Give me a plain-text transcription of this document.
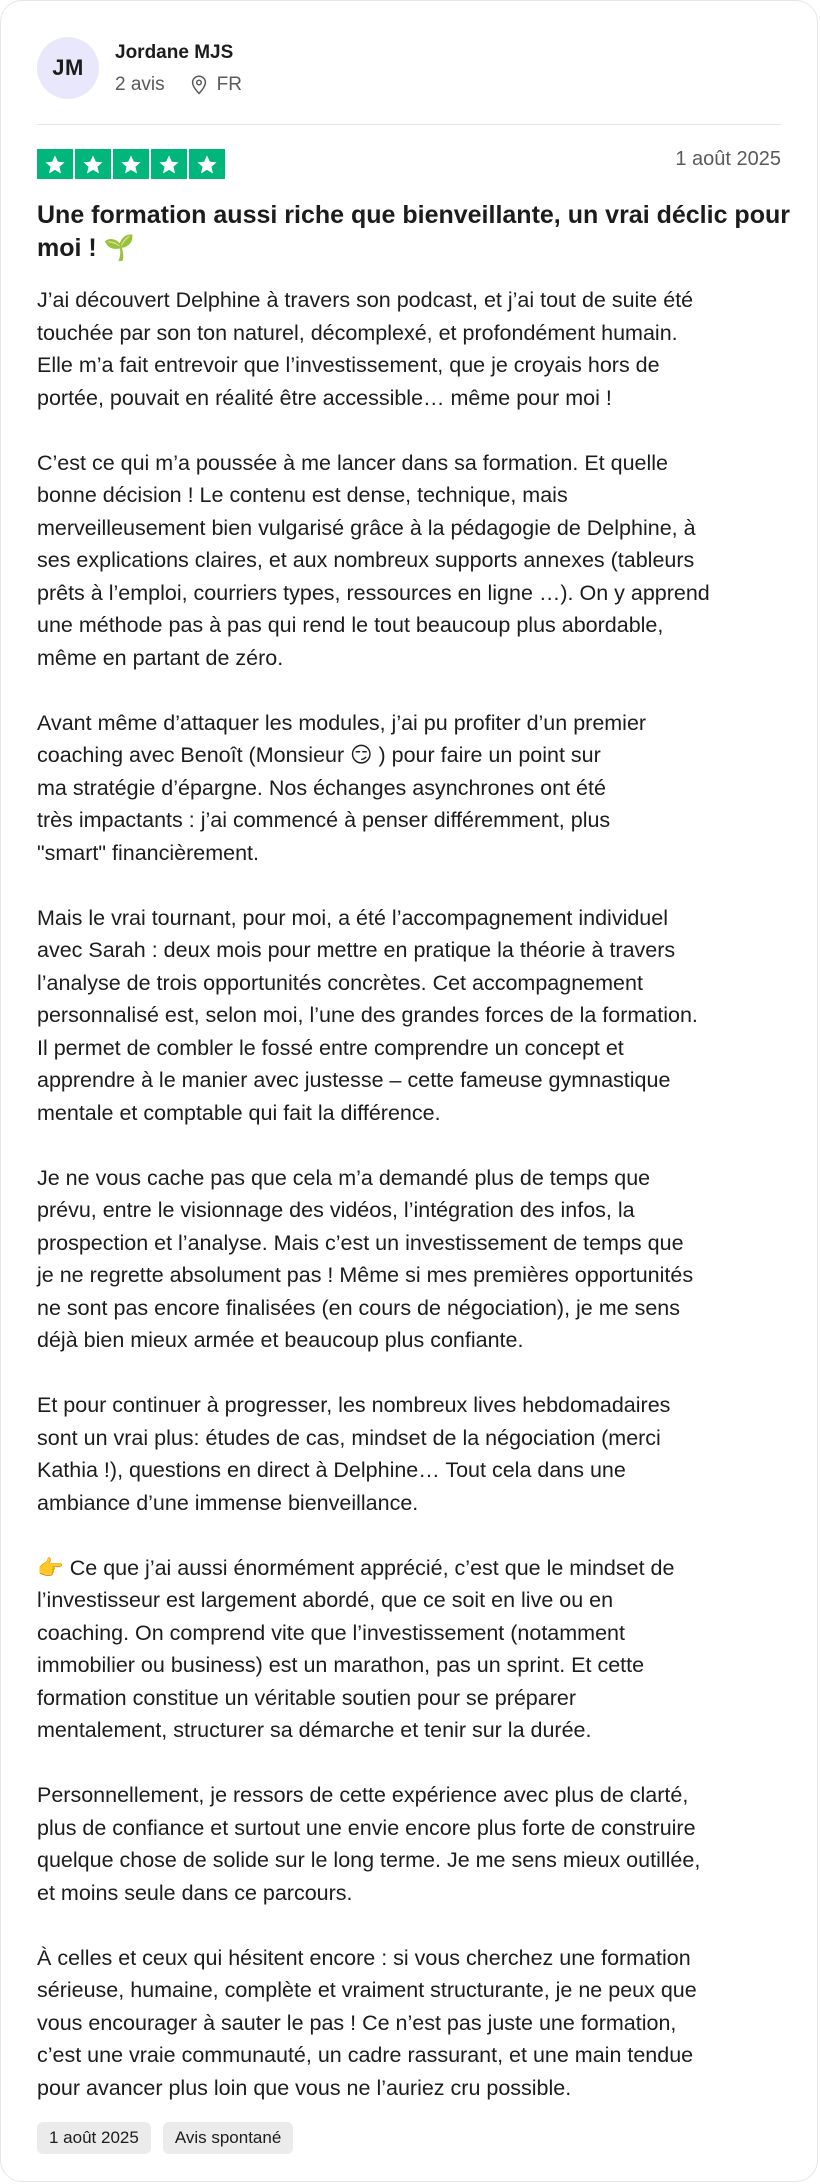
JM
Jordane MJS
2 avis	FR
1 août 2025
Une formation aussi riche que bienveillante, un vrai déclic pour moi ! 🌱

J’ai découvert Delphine à travers son podcast, et j’ai tout de suite été
touchée par son ton naturel, décomplexé, et profondément humain.
Elle m’a fait entrevoir que l’investissement, que je croyais hors de
portée, pouvait en réalité être accessible… même pour moi !

C’est ce qui m’a poussée à me lancer dans sa formation. Et quelle
bonne décision ! Le contenu est dense, technique, mais
merveilleusement bien vulgarisé grâce à la pédagogie de Delphine, à
ses explications claires, et aux nombreux supports annexes (tableurs
prêts à l’emploi, courriers types, ressources en ligne …). On y apprend
une méthode pas à pas qui rend le tout beaucoup plus abordable,
même en partant de zéro.

Avant même d’attaquer les modules, j’ai pu profiter d’un premier
coaching avec Benoît (Monsieur 😏 ) pour faire un point sur
ma stratégie d’épargne. Nos échanges asynchrones ont été
très impactants : j’ai commencé à penser différemment, plus
"smart" financièrement.

Mais le vrai tournant, pour moi, a été l’accompagnement individuel
avec Sarah : deux mois pour mettre en pratique la théorie à travers
l’analyse de trois opportunités concrètes. Cet accompagnement
personnalisé est, selon moi, l’une des grandes forces de la formation.
Il permet de combler le fossé entre comprendre un concept et
apprendre à le manier avec justesse – cette fameuse gymnastique
mentale et comptable qui fait la différence.

Je ne vous cache pas que cela m’a demandé plus de temps que
prévu, entre le visionnage des vidéos, l’intégration des infos, la
prospection et l’analyse. Mais c’est un investissement de temps que
je ne regrette absolument pas ! Même si mes premières opportunités
ne sont pas encore finalisées (en cours de négociation), je me sens
déjà bien mieux armée et beaucoup plus confiante.

Et pour continuer à progresser, les nombreux lives hebdomadaires
sont un vrai plus: études de cas, mindset de la négociation (merci
Kathia !), questions en direct à Delphine… Tout cela dans une
ambiance d’une immense bienveillance.

👉 Ce que j’ai aussi énormément apprécié, c’est que le mindset de
l’investisseur est largement abordé, que ce soit en live ou en
coaching. On comprend vite que l’investissement (notamment
immobilier ou business) est un marathon, pas un sprint. Et cette
formation constitue un véritable soutien pour se préparer
mentalement, structurer sa démarche et tenir sur la durée.

Personnellement, je ressors de cette expérience avec plus de clarté,
plus de confiance et surtout une envie encore plus forte de construire
quelque chose de solide sur le long terme. Je me sens mieux outillée,
et moins seule dans ce parcours.

À celles et ceux qui hésitent encore : si vous cherchez une formation
sérieuse, humaine, complète et vraiment structurante, je ne peux que
vous encourager à sauter le pas ! Ce n’est pas juste une formation,
c’est une vraie communauté, un cadre rassurant, et une main tendue
pour avancer plus loin que vous ne l’auriez cru possible.

1 août 2025	Avis spontané
